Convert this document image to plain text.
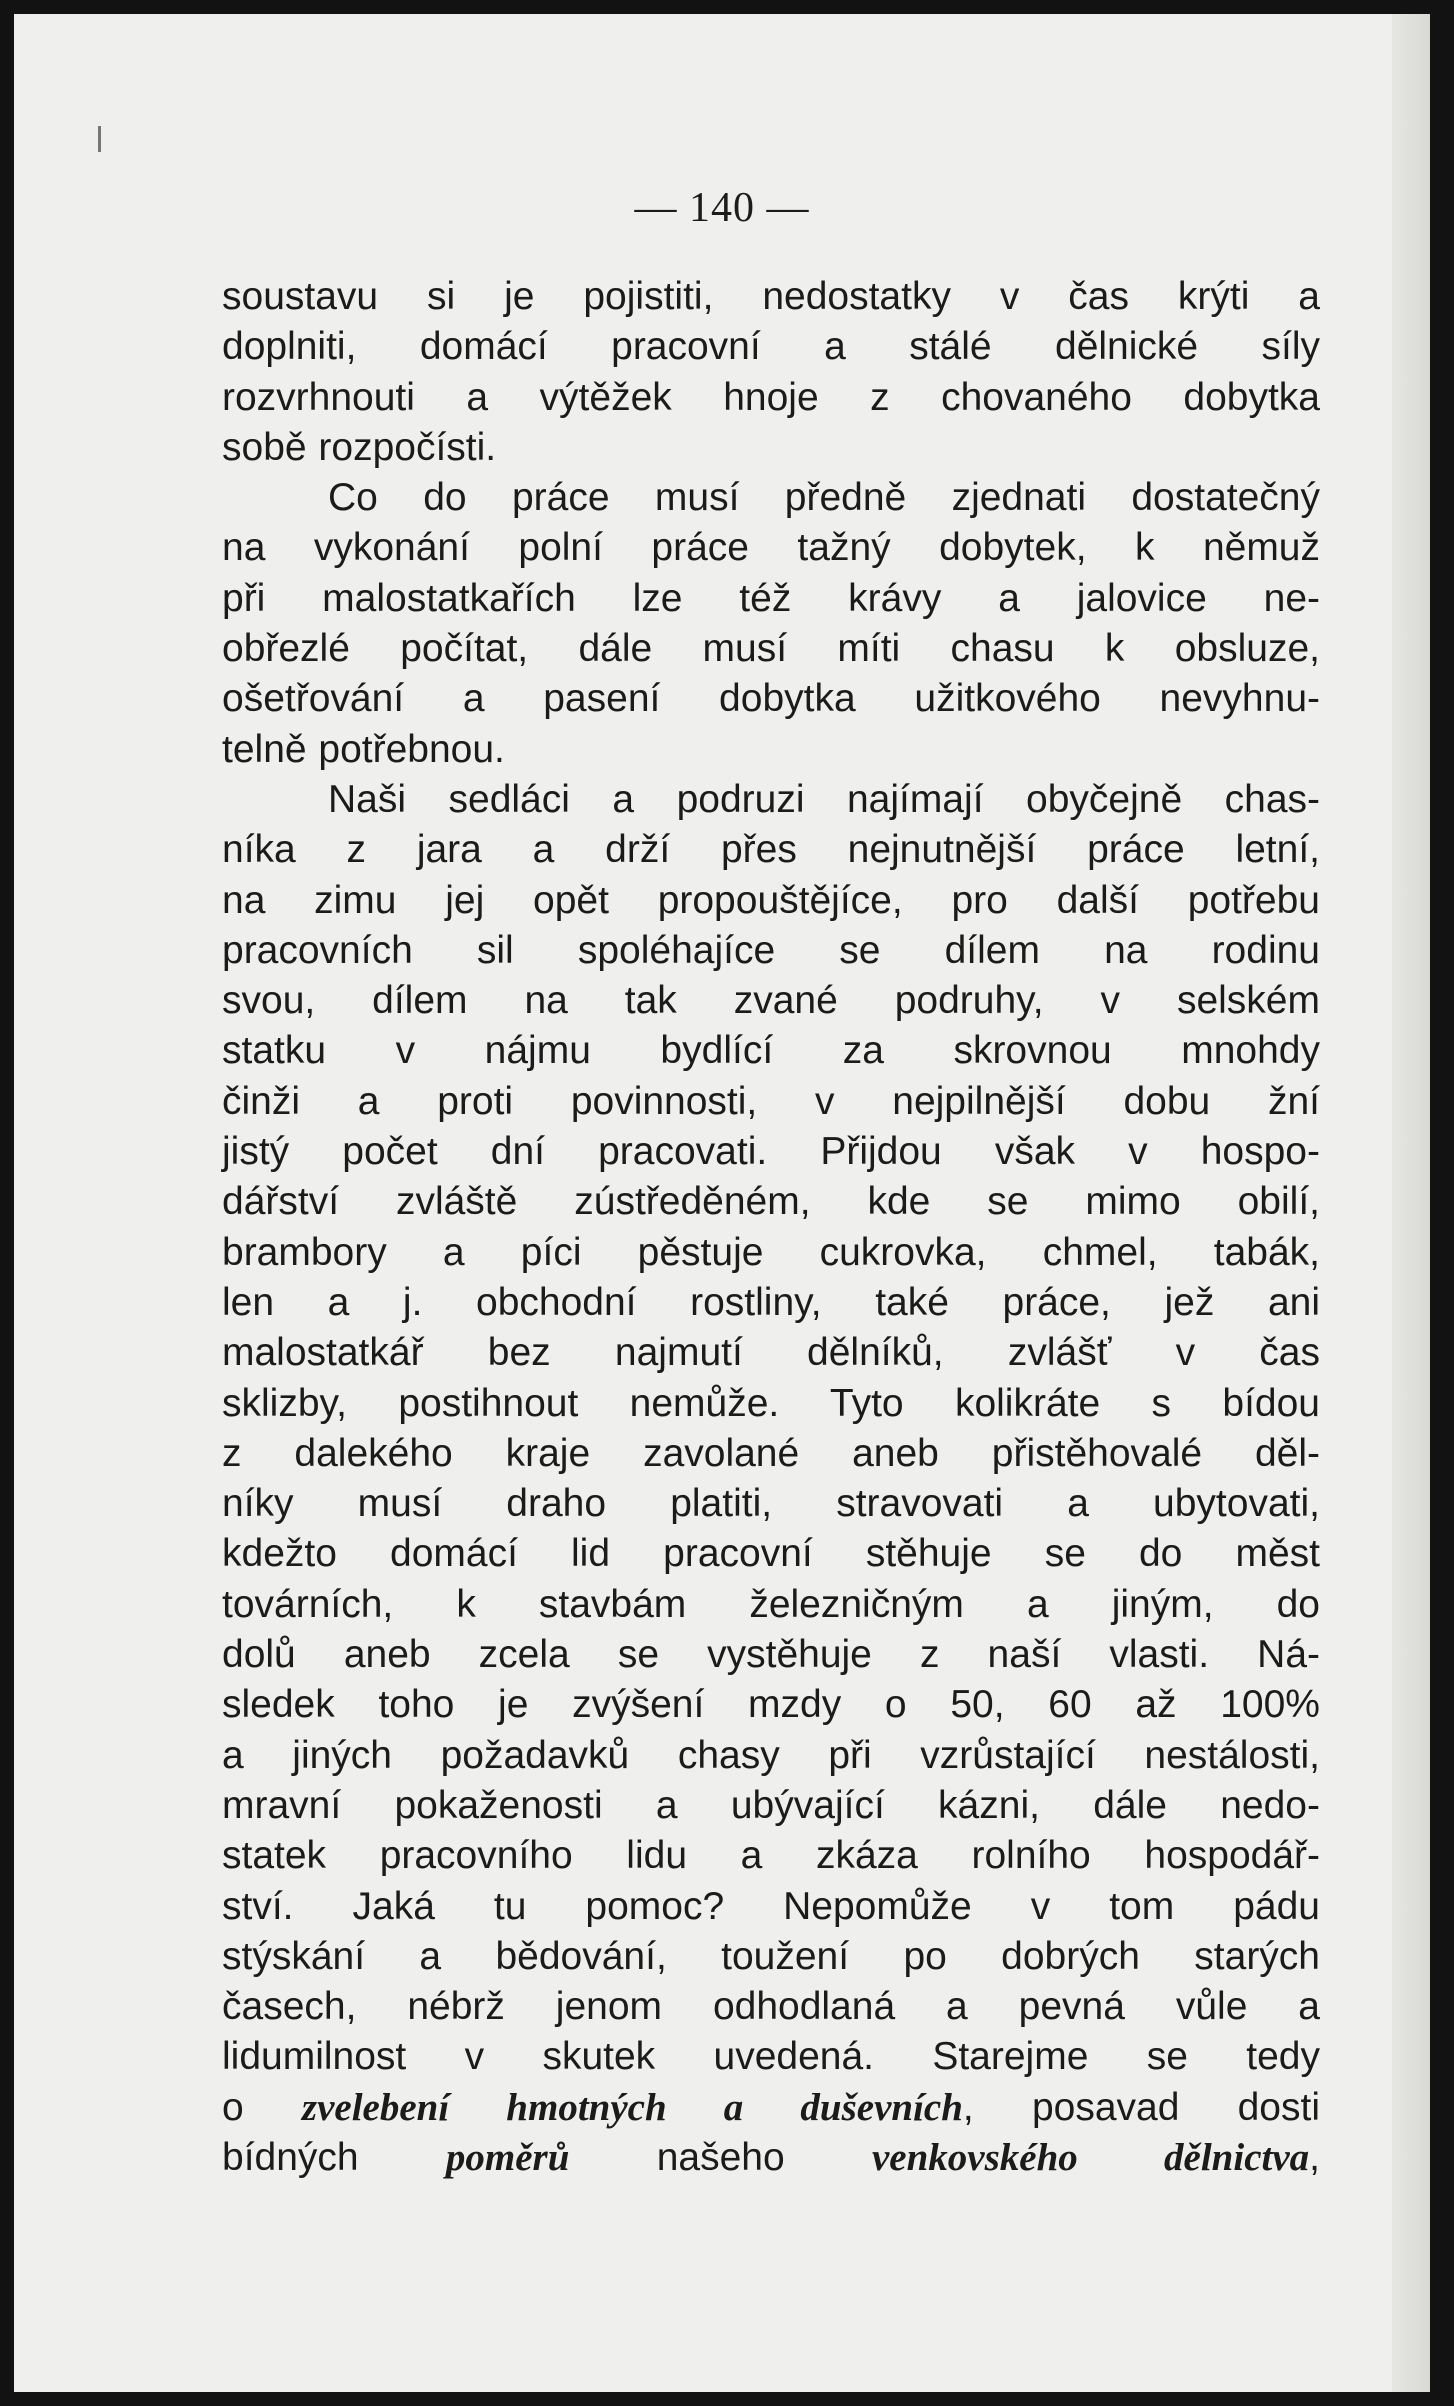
— 140 —
soustavu si je pojistiti, nedostatky v čas krýti a
doplniti, domácí pracovní a stálé dělnické síly
rozvrhnouti a výtěžek hnoje z chovaného dobytka
sobě rozpočísti.
Co do práce musí předně zjednati dostatečný
na vykonání polní práce tažný dobytek, k němuž
při malostatkařích lze též krávy a jalovice ne-
obřezlé počítat, dále musí míti chasu k obsluze,
ošetřování a pasení dobytka užitkového nevyhnu-
telně potřebnou.
Naši sedláci a podruzi najímají obyčejně chas-
níka z jara a drží přes nejnutnější práce letní,
na zimu jej opět propouštějíce, pro další potřebu
pracovních sil spoléhajíce se dílem na rodinu
svou, dílem na tak zvané podruhy, v selském
statku v nájmu bydlící za skrovnou mnohdy
činži a proti povinnosti, v nejpilnější dobu žní
jistý počet dní pracovati. Přijdou však v hospo-
dářství zvláště zústředěném, kde se mimo obilí,
brambory a píci pěstuje cukrovka, chmel, tabák,
len a j. obchodní rostliny, také práce, jež ani
malostatkář bez najmutí dělníků, zvlášť v čas
sklizby, postihnout nemůže. Tyto kolikráte s bídou
z dalekého kraje zavolané aneb přistěhovalé děl-
níky musí draho platiti, stravovati a ubytovati,
kdežto domácí lid pracovní stěhuje se do měst
továrních, k stavbám železničným a jiným, do
dolů aneb zcela se vystěhuje z naší vlasti. Ná-
sledek toho je zvýšení mzdy o 50, 60 až 100%
a jiných požadavků chasy při vzrůstající nestálosti,
mravní pokaženosti a ubývající kázni, dále nedo-
statek pracovního lidu a zkáza rolního hospodář-
ství. Jaká tu pomoc? Nepomůže v tom pádu
stýskání a bědování, toužení po dobrých starých
časech, nébrž jenom odhodlaná a pevná vůle a
lidumilnost v skutek uvedená. Starejme se tedy
o zvelebení hmotných a duševních, posavad dosti
bídných poměrů našeho venkovského dělnictva,
